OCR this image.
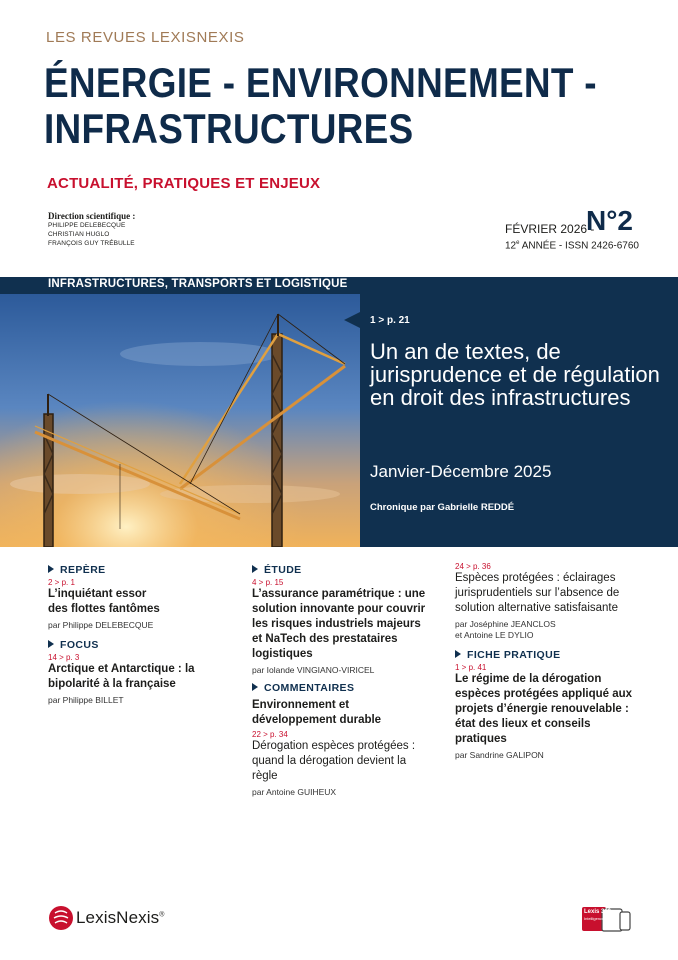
LES REVUES LEXISNEXIS
ÉNERGIE - ENVIRONNEMENT -
INFRASTRUCTURES
ACTUALITÉ, PRATIQUES ET ENJEUX
Direction scientifique :
PHILIPPE DELEBECQUE
CHRISTIAN HUGLO
FRANÇOIS GUY TRÉBULLE
FÉVRIER 2026 -
N°2
12e ANNÉE - ISSN 2426-6760
INFRASTRUCTURES, TRANSPORTS ET LOGISTIQUE
1 > p. 21
Un an de textes, de jurisprudence et de régulation en droit des infrastructures
Janvier-Décembre 2025
Chronique par Gabrielle REDDÉ
REPÈRE
2 > p. 1
L’inquiétant essor des flottes fantômes
par Philippe DELEBECQUE
FOCUS
14 > p. 3
Arctique et Antarctique : la bipolarité à la française
par Philippe BILLET
ÉTUDE
4 > p. 15
L’assurance paramétrique : une solution innovante pour couvrir les risques industriels majeurs et NaTech des prestataires logistiques
par Iolande VINGIANO-VIRICEL
COMMENTAIRES
Environnement et développement durable
22 > p. 34
Dérogation espèces protégées : quand la dérogation devient la règle
par Antoine GUIHEUX
24 > p. 36
Espèces protégées : éclairages jurisprudentiels sur l’absence de solution alternative satisfaisante
par Joséphine JEANCLOS
et Antoine LE DYLIO
FICHE PRATIQUE
1 > p. 41
Le régime de la dérogation espèces protégées appliqué aux projets d’énergie renouvelable : état des lieux et conseils pratiques
par Sandrine GALIPON
LexisNexis®	Lexis 360
Intelligence
